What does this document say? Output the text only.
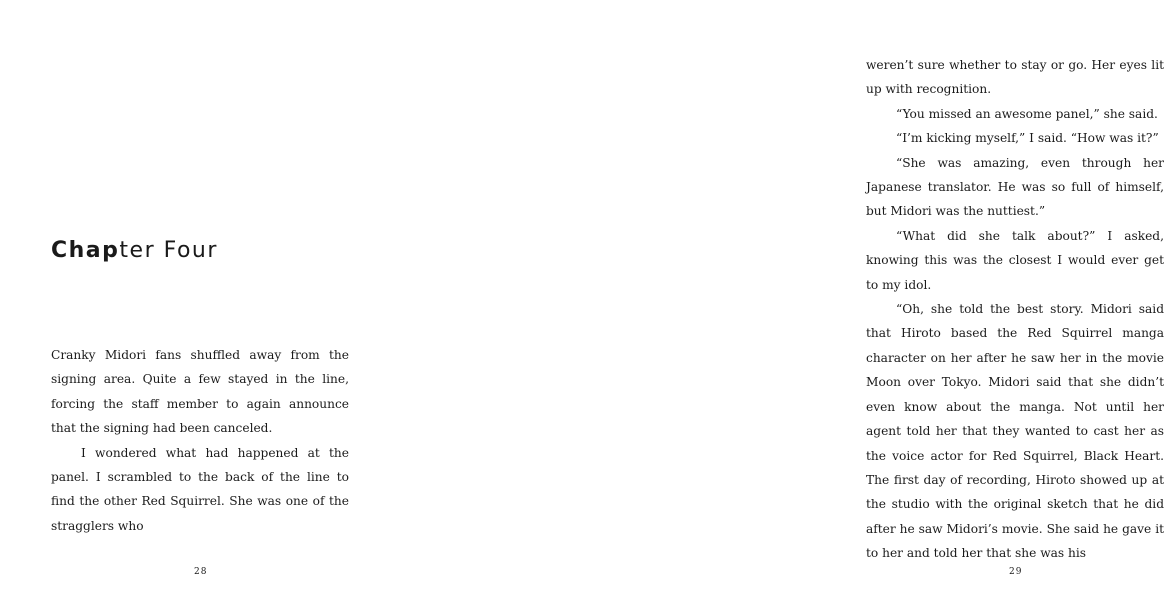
Chapter Four

Cranky Midori fans shuffled away from the signing area. Quite a few stayed in the line, forcing the staff member to again announce that the signing had been canceled.

I wondered what had happened at the panel. I scrambled to the back of the line to find the other Red Squirrel. She was one of the stragglers who

28

weren’t sure whether to stay or go. Her eyes lit up with recognition.

“You missed an awesome panel,” she said.

“I’m kicking myself,” I said. “How was it?”

“She was amazing, even through her Japanese translator. He was so full of himself, but Midori was the nuttiest.”

“What did she talk about?” I asked, knowing this was the closest I would ever get to my idol.

“Oh, she told the best story. Midori said that Hiroto based the Red Squirrel manga character on her after he saw her in the movie Moon over Tokyo. Midori said that she didn’t even know about the manga. Not until her agent told her that they wanted to cast her as the voice actor for Red Squirrel, Black Heart. The first day of recording, Hiroto showed up at the studio with the original sketch that he did after he saw Midori’s movie. She said he gave it to her and told her that she was his

29
